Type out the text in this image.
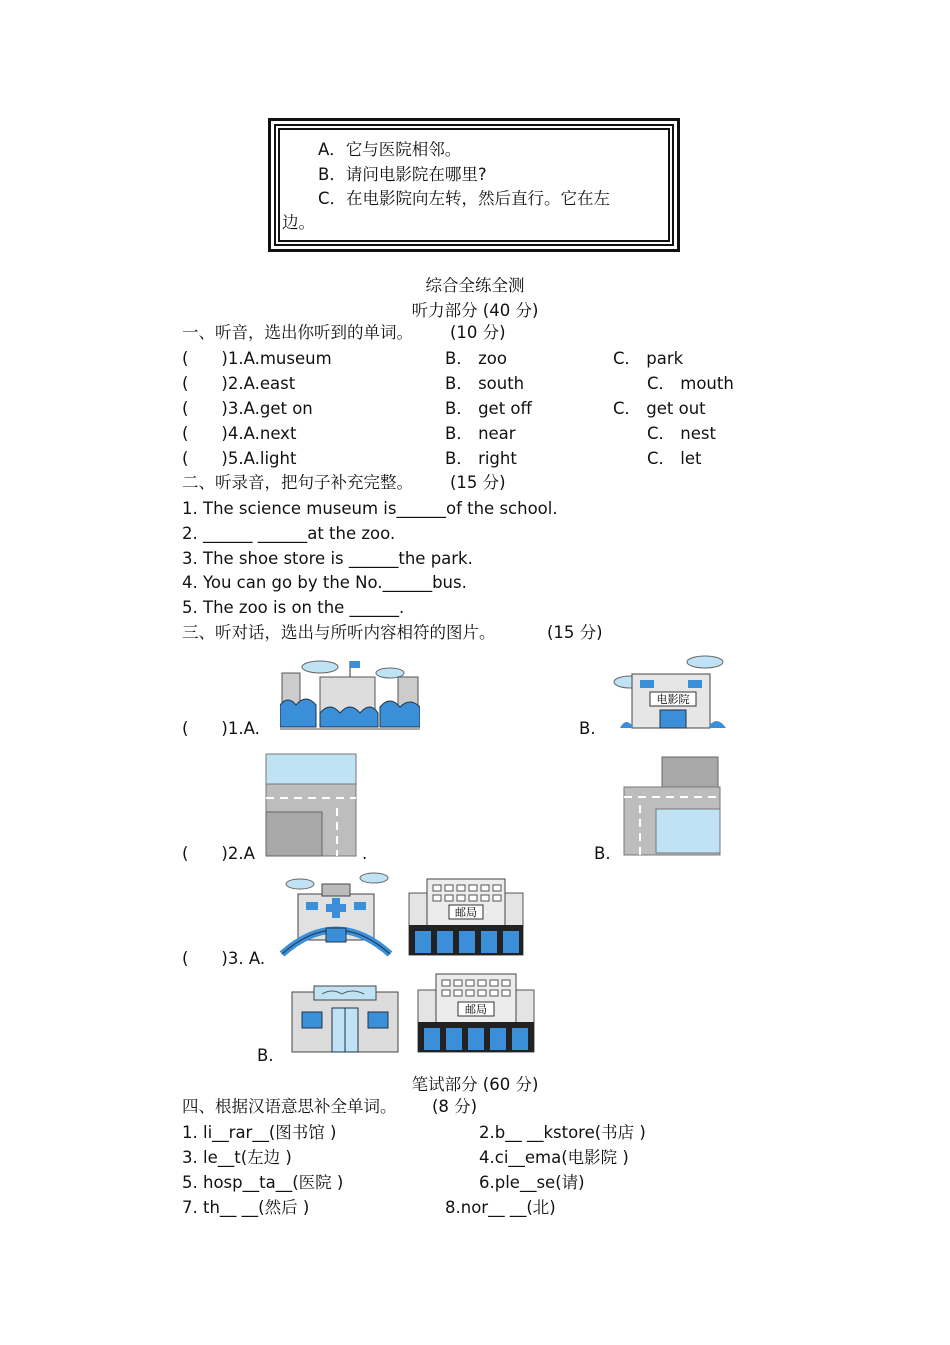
A．它与医院相邻。
B．请问电影院在哪里?
C．在电影院向左转，然后直行。它在左
边。
综合全练全测
听力部分 (40 分)
一、听音，选出你听到的单词。 (10 分)
(　　)1.A.museum	B． zoo	C． park
(　　)2.A.east	B． south	C． mouth
(　　)3.A.get on	B． get off	C． get out
(　　)4.A.next	B． near	C． nest
(　　)5.A.light	B． right	C． let
二、听录音，把句子补充完整。 (15 分)
1. The science museum is______of the school.
2. ______ ______at the zoo.
3. The shoe store is ______the park.
4. You can go by the No.______bus.
5. The zoo is on the ______.
三、听对话，选出与所听内容相符的图片。	(15 分)
(　　)1.A.	B.
电影院
(　　)2.A	.	B.
(　　)3. A.
邮局
B.
邮局
笔试部分 (60 分)
四、根据汉语意思补全单词。 (8 分)
1. li__rar__(图书馆 )	2.b__ __kstore(书店 )
3. le__t(左边 )	4.ci__ema(电影院 )
5. hosp__ta__(医院 )	6.ple__se(请)
7. th__ __(然后 )	8.nor__ __(北)
